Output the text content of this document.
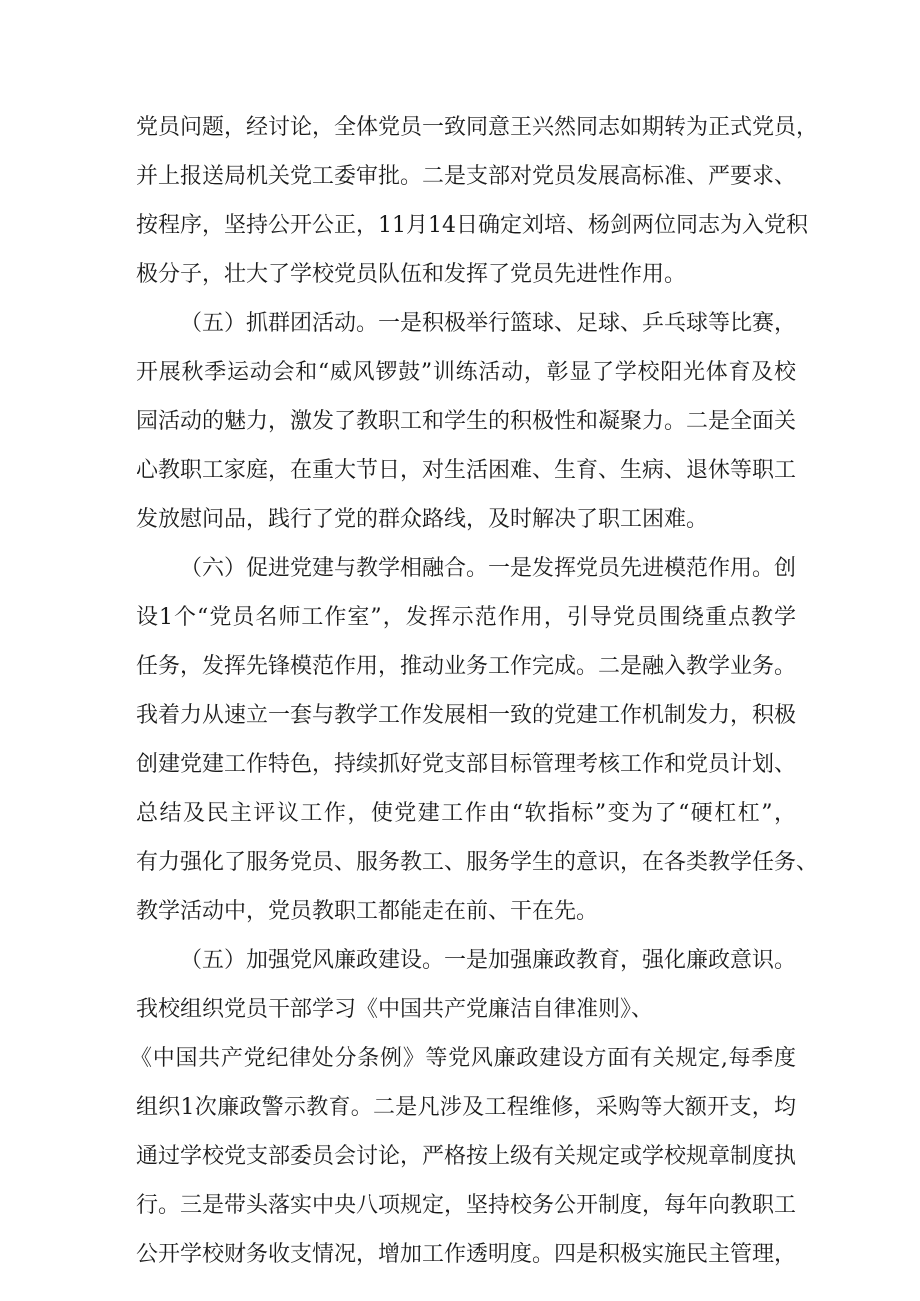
党员问题，经讨论，全体党员一致同意王兴然同志如期转为正式党员，
并上报送局机关党工委审批。二是支部对党员发展高标准、严要求、
按程序，坚持公开公正，11月14日确定刘培、杨剑两位同志为入党积
极分子，壮大了学校党员队伍和发挥了党员先进性作用。
（五）抓群团活动。一是积极举行篮球、足球、乒乓球等比赛，
开展秋季运动会和“威风锣鼓”训练活动，彰显了学校阳光体育及校
园活动的魅力，激发了教职工和学生的积极性和凝聚力。二是全面关
心教职工家庭，在重大节日，对生活困难、生育、生病、退休等职工
发放慰问品，践行了党的群众路线，及时解决了职工困难。
（六）促进党建与教学相融合。一是发挥党员先进模范作用。创
设1个“党员名师工作室”，发挥示范作用，引导党员围绕重点教学
任务，发挥先锋模范作用，推动业务工作完成。二是融入教学业务。
我着力从速立一套与教学工作发展相一致的党建工作机制发力，积极
创建党建工作特色，持续抓好党支部目标管理考核工作和党员计划、
总结及民主评议工作，使党建工作由“软指标”变为了“硬杠杠”，
有力强化了服务党员、服务教工、服务学生的意识，在各类教学任务、
教学活动中，党员教职工都能走在前、干在先。
（五）加强党风廉政建设。一是加强廉政教育，强化廉政意识。
我校组织党员干部学习《中国共产党廉洁自律准则》、
《中国共产党纪律处分条例》等党风廉政建设方面有关规定,每季度
组织1次廉政警示教育。二是凡涉及工程维修，采购等大额开支，均
通过学校党支部委员会讨论，严格按上级有关规定或学校规章制度执
行。三是带头落实中央八项规定，坚持校务公开制度，每年向教职工
公开学校财务收支情况，增加工作透明度。四是积极实施民主管理，
